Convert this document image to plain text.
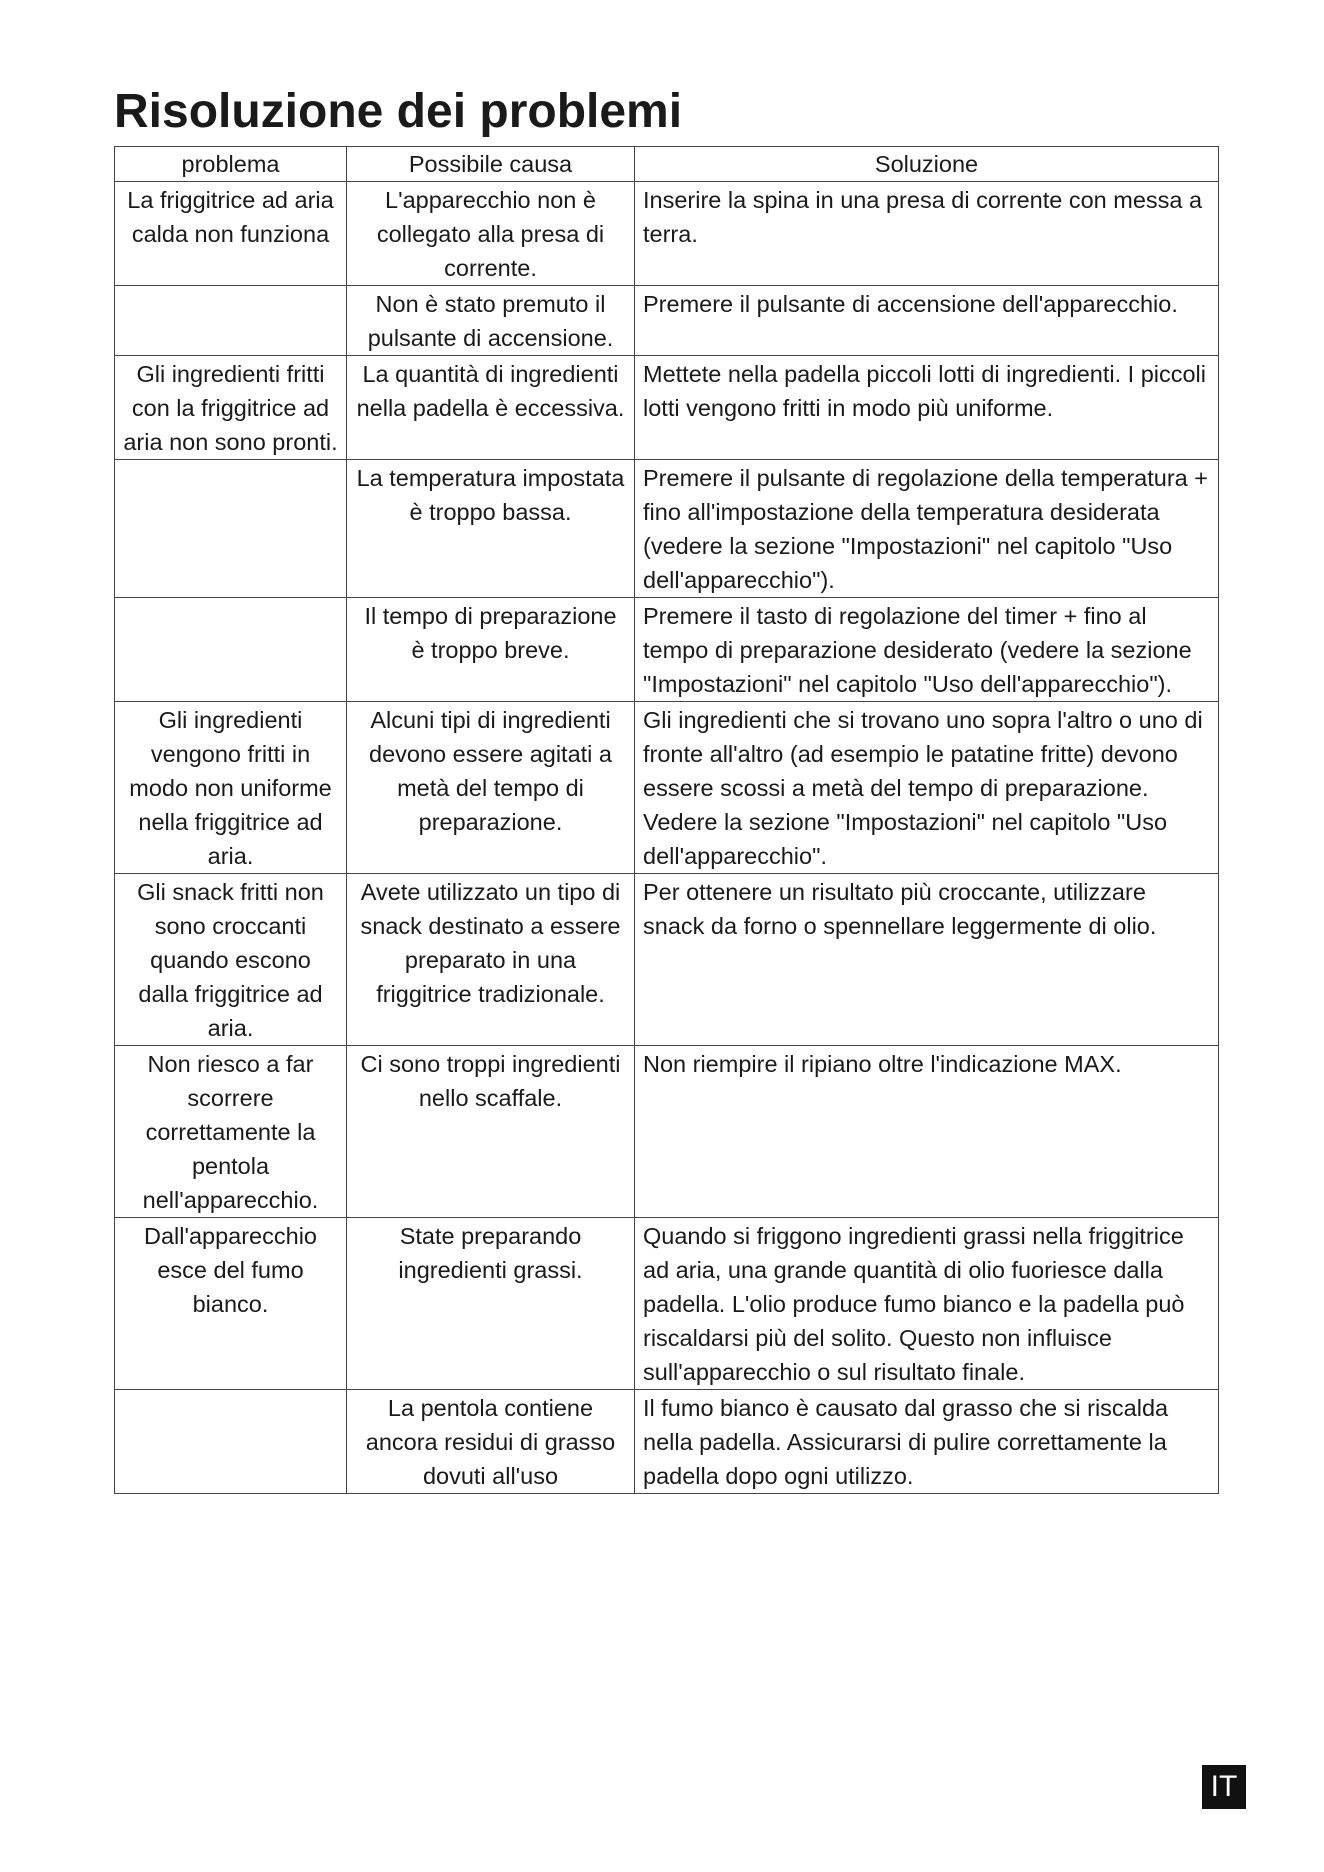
Risoluzione dei problemi
problema	Possibile causa	Soluzione
La friggitrice ad aria calda non funziona	L'apparecchio non è collegato alla presa di corrente.	Inserire la spina in una presa di corrente con messa a terra.
	Non è stato premuto il pulsante di accensione.	Premere il pulsante di accensione dell'apparecchio.
Gli ingredienti fritti con la friggitrice ad aria non sono pronti.	La quantità di ingredienti nella padella è eccessiva.	Mettete nella padella piccoli lotti di ingredienti. I piccoli lotti vengono fritti in modo più uniforme.
	La temperatura impostata è troppo bassa.	Premere il pulsante di regolazione della temperatura + fino all'impostazione della temperatura desiderata (vedere la sezione "Impostazioni" nel capitolo "Uso dell'apparecchio").
	Il tempo di preparazione è troppo breve.	Premere il tasto di regolazione del timer + fino al tempo di preparazione desiderato (vedere la sezione "Impostazioni" nel capitolo "Uso dell'apparecchio").
Gli ingredienti vengono fritti in modo non uniforme nella friggitrice ad aria.	Alcuni tipi di ingredienti devono essere agitati a metà del tempo di preparazione.	Gli ingredienti che si trovano uno sopra l'altro o uno di fronte all'altro (ad esempio le patatine fritte) devono essere scossi a metà del tempo di preparazione. Vedere la sezione "Impostazioni" nel capitolo "Uso dell'apparecchio".
Gli snack fritti non sono croccanti quando escono dalla friggitrice ad aria.	Avete utilizzato un tipo di snack destinato a essere preparato in una friggitrice tradizionale.	Per ottenere un risultato più croccante, utilizzare snack da forno o spennellare leggermente di olio.
Non riesco a far scorrere correttamente la pentola nell'apparecchio.	Ci sono troppi ingredienti nello scaffale.	Non riempire il ripiano oltre l'indicazione MAX.
Dall'apparecchio esce del fumo bianco.	State preparando ingredienti grassi.	Quando si friggono ingredienti grassi nella friggitrice ad aria, una grande quantità di olio fuoriesce dalla padella. L'olio produce fumo bianco e la padella può riscaldarsi più del solito. Questo non influisce sull'apparecchio o sul risultato finale.
	La pentola contiene ancora residui di grasso dovuti all'uso	Il fumo bianco è causato dal grasso che si riscalda nella padella. Assicurarsi di pulire correttamente la padella dopo ogni utilizzo.
IT
